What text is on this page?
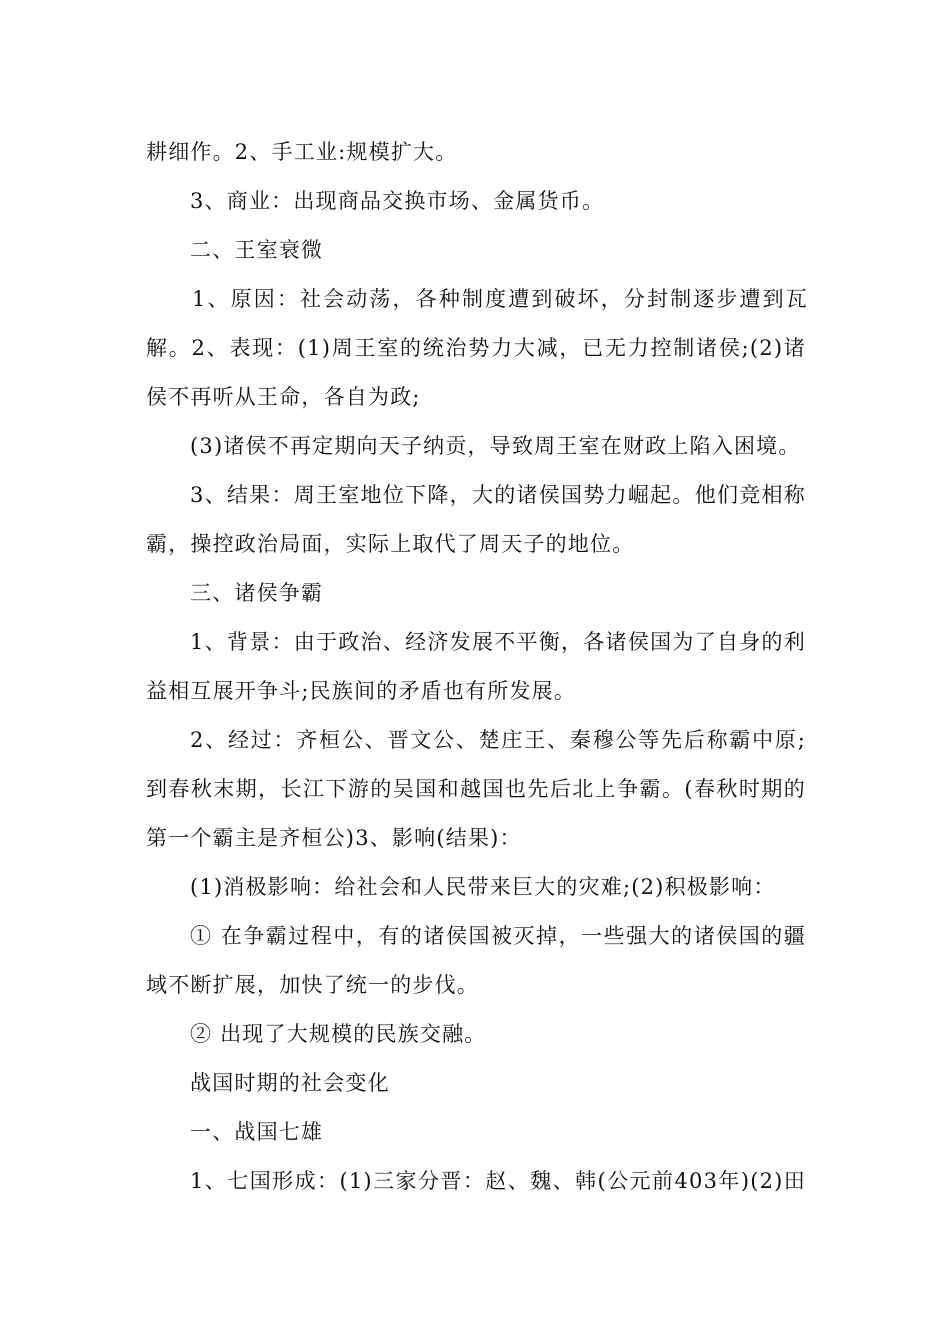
耕细作。2、手工业:规模扩大。
3、商业：出现商品交换市场、金属货币。
二、王室衰微
1、原因：社会动荡，各种制度遭到破坏，分封制逐步遭到瓦
解。2、表现：(1)周王室的统治势力大减，已无力控制诸侯;(2)诸
侯不再听从王命，各自为政;
(3)诸侯不再定期向天子纳贡，导致周王室在财政上陷入困境。
3、结果：周王室地位下降，大的诸侯国势力崛起。他们竞相称
霸，操控政治局面，实际上取代了周天子的地位。
三、诸侯争霸
1、背景：由于政治、经济发展不平衡，各诸侯国为了自身的利
益相互展开争斗;民族间的矛盾也有所发展。
2、经过：齐桓公、晋文公、楚庄王、秦穆公等先后称霸中原;
到春秋末期，长江下游的吴国和越国也先后北上争霸。(春秋时期的
第一个霸主是齐桓公)3、影响(结果)：
(1)消极影响：给社会和人民带来巨大的灾难;(2)积极影响：
① 在争霸过程中，有的诸侯国被灭掉，一些强大的诸侯国的疆
域不断扩展，加快了统一的步伐。
② 出现了大规模的民族交融。
战国时期的社会变化
一、战国七雄
1、七国形成：(1)三家分晋：赵、魏、韩(公元前403年)(2)田
